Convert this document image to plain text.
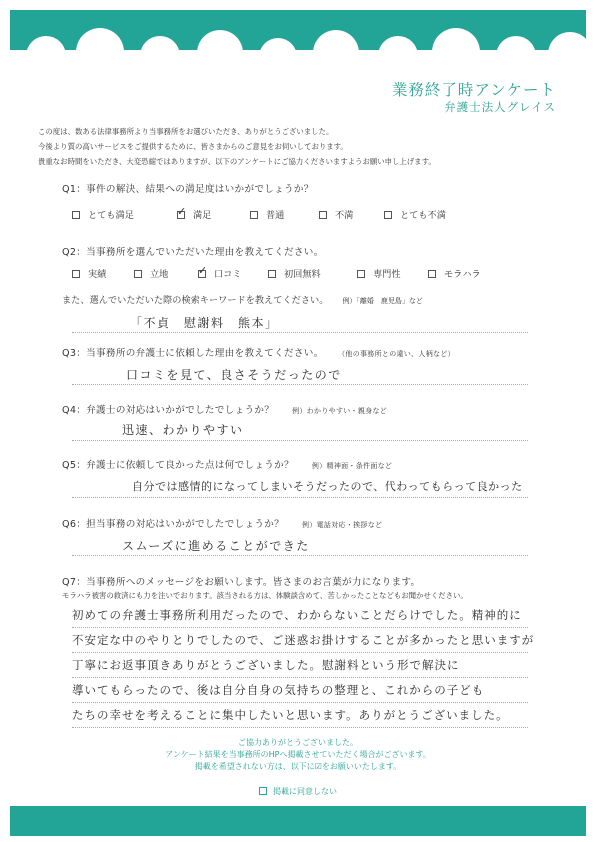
業務終了時アンケート
弁護士法人グレイス
この度は、数ある法律事務所より当事務所をお選びいただき、ありがとうございました。
今後より質の高いサービスをご提供するために、皆さまからのご意見をお伺いしております。
貴重なお時間をいただき、大変恐縮ではありますが、以下のアンケートにご協力くださいますようお願い申し上げます。
Q1：事件の解決、結果への満足度はいかがでしょうか？
とても満足 ✓	満足	普通	不満	とても不満
Q2：当事務所を選んでいただいた理由を教えてください。
実績	立地 ✓	口コミ	初回無料	専門性	モラハラ
また、選んでいただいた際の検索キーワードを教えてください。 例）「離婚　鹿児島」など
「不貞　慰謝料　熊本」
Q3：当事務所の弁護士に依頼した理由を教えてください。	（他の事務所との違い、人柄など）
口コミを見て、良さそうだったので
Q4：弁護士の対応はいかがでしたでしょうか？	例）わかりやすい・親身など
迅速、わかりやすい
Q5：弁護士に依頼して良かった点は何でしょうか？	例）精神面・条件面など
自分では感情的になってしまいそうだったので、代わってもらって良かった
Q6：担当事務の対応はいかがでしたでしょうか？	例）電話対応・挨拶など
スムーズに進めることができた
Q7：当事務所へのメッセージをお願いします。皆さまのお言葉が力になります。
モラハラ被害の救済にも力を注いでおります。該当される方は、体験談含めて、苦しかったことなどもお聞かせください。
初めての弁護士事務所利用だったので、わからないことだらけでした。精神的に
不安定な中のやりとりでしたので、ご迷惑お掛けすることが多かったと思いますが
丁寧にお返事頂きありがとうございました。慰謝料という形で解決に
導いてもらったので、後は自分自身の気持ちの整理と、これからの子ども
たちの幸せを考えることに集中したいと思います。ありがとうございました。
ご協力ありがとうございました。
アンケート結果を当事務所のHPへ掲載させていただく場合がございます。
掲載を希望されない方は、以下に☑をお願いいたします。
掲載に同意しない
